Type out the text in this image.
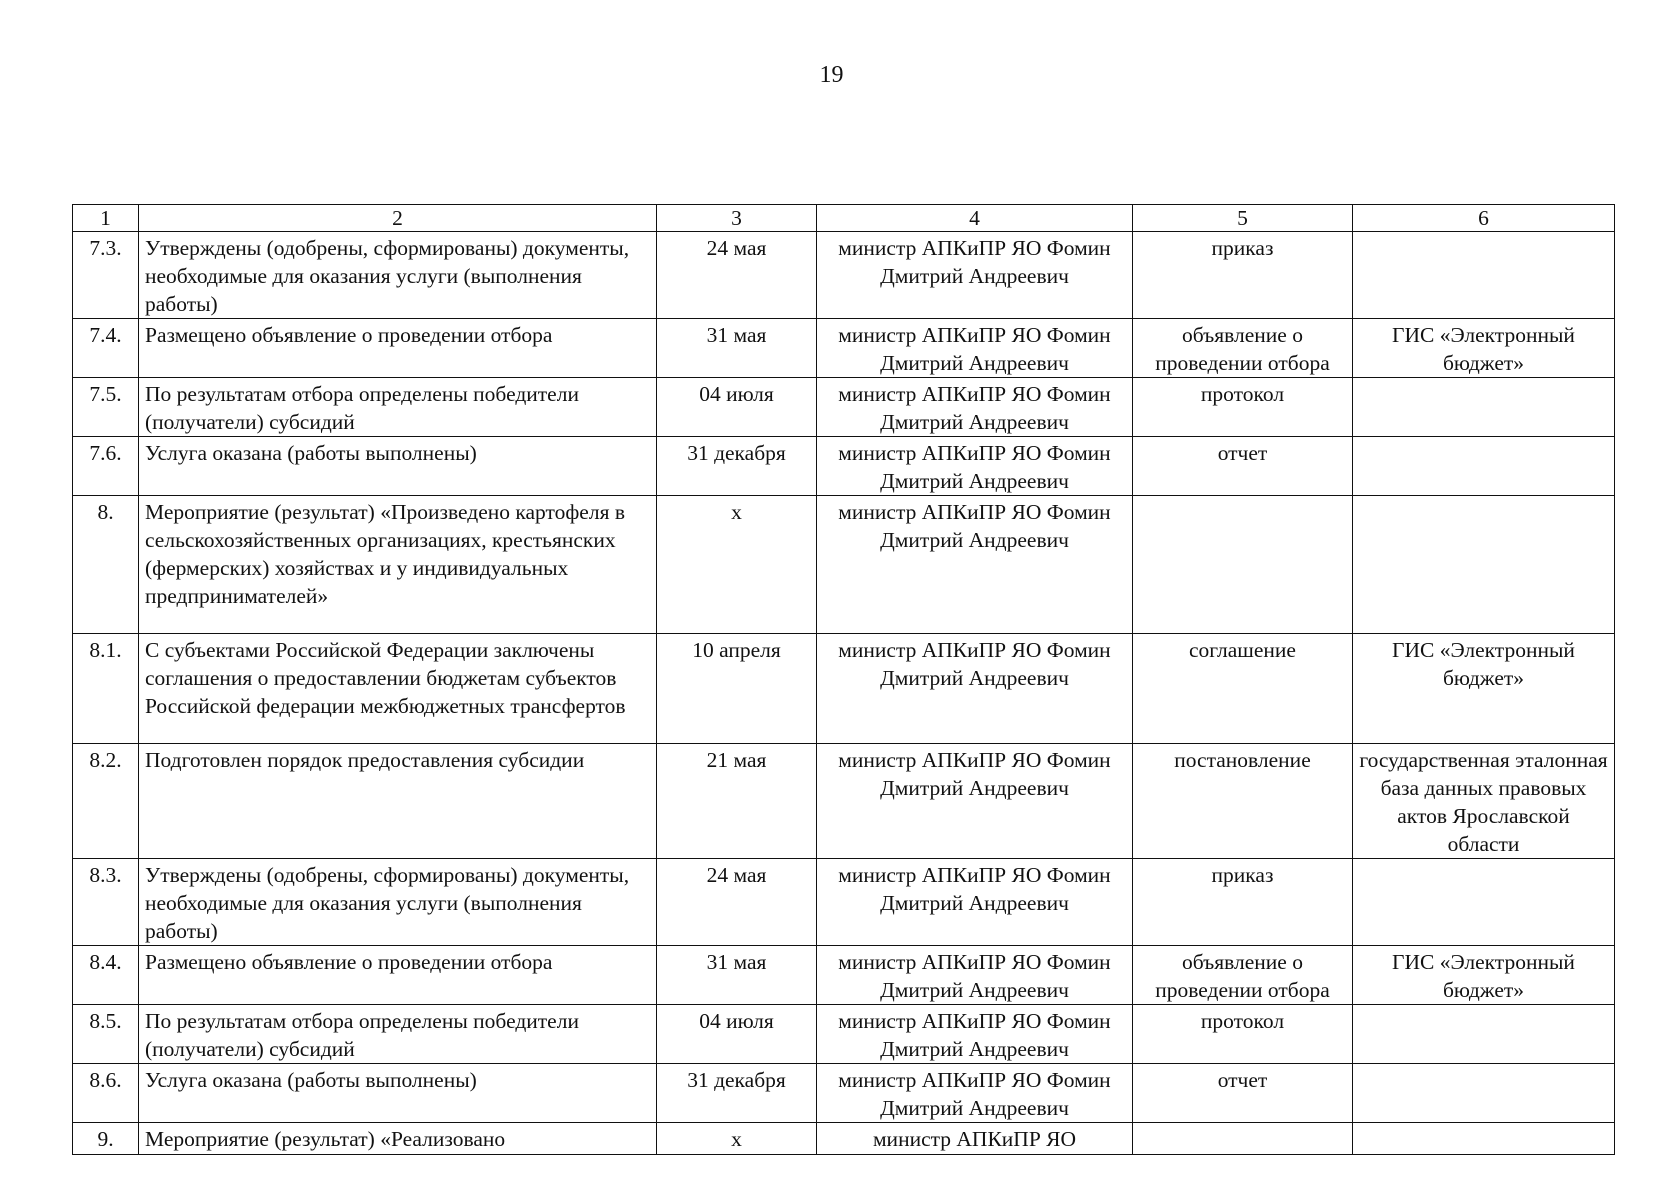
19
1	2	3	4	5	6
7.3.	Утверждены (одобрены, сформированы) документы, необходимые для оказания услуги (выполнения работы)	24 мая	министр АПКиПР ЯО Фомин Дмитрий Андреевич	приказ	
7.4.	Размещено объявление о проведении отбора	31 мая	министр АПКиПР ЯО Фомин Дмитрий Андреевич	объявление о проведении отбора	ГИС «Электронный бюджет»
7.5.	По результатам отбора определены победители (получатели) субсидий	04 июля	министр АПКиПР ЯО Фомин Дмитрий Андреевич	протокол	
7.6.	Услуга оказана (работы выполнены)	31 декабря	министр АПКиПР ЯО Фомин Дмитрий Андреевич	отчет	
8.	Мероприятие (результат) «Произведено картофеля в сельскохозяйственных организациях, крестьянских (фермерских) хозяйствах и у индивидуальных предпринимателей»	x	министр АПКиПР ЯО Фомин Дмитрий Андреевич		
8.1.	С субъектами Российской Федерации заключены соглашения о предоставлении бюджетам субъектов Российской федерации межбюджетных трансфертов	10 апреля	министр АПКиПР ЯО Фомин Дмитрий Андреевич	соглашение	ГИС «Электронный бюджет»
8.2.	Подготовлен порядок предоставления субсидии	21 мая	министр АПКиПР ЯО Фомин Дмитрий Андреевич	постановление	государственная эталонная база данных правовых актов Ярославской области
8.3.	Утверждены (одобрены, сформированы) документы, необходимые для оказания услуги (выполнения работы)	24 мая	министр АПКиПР ЯО Фомин Дмитрий Андреевич	приказ	
8.4.	Размещено объявление о проведении отбора	31 мая	министр АПКиПР ЯО Фомин Дмитрий Андреевич	объявление о проведении отбора	ГИС «Электронный бюджет»
8.5.	По результатам отбора определены победители (получатели) субсидий	04 июля	министр АПКиПР ЯО Фомин Дмитрий Андреевич	протокол	
8.6.	Услуга оказана (работы выполнены)	31 декабря	министр АПКиПР ЯО Фомин Дмитрий Андреевич	отчет	
9.	Мероприятие (результат) «Реализовано	x	министр АПКиПР ЯО		
